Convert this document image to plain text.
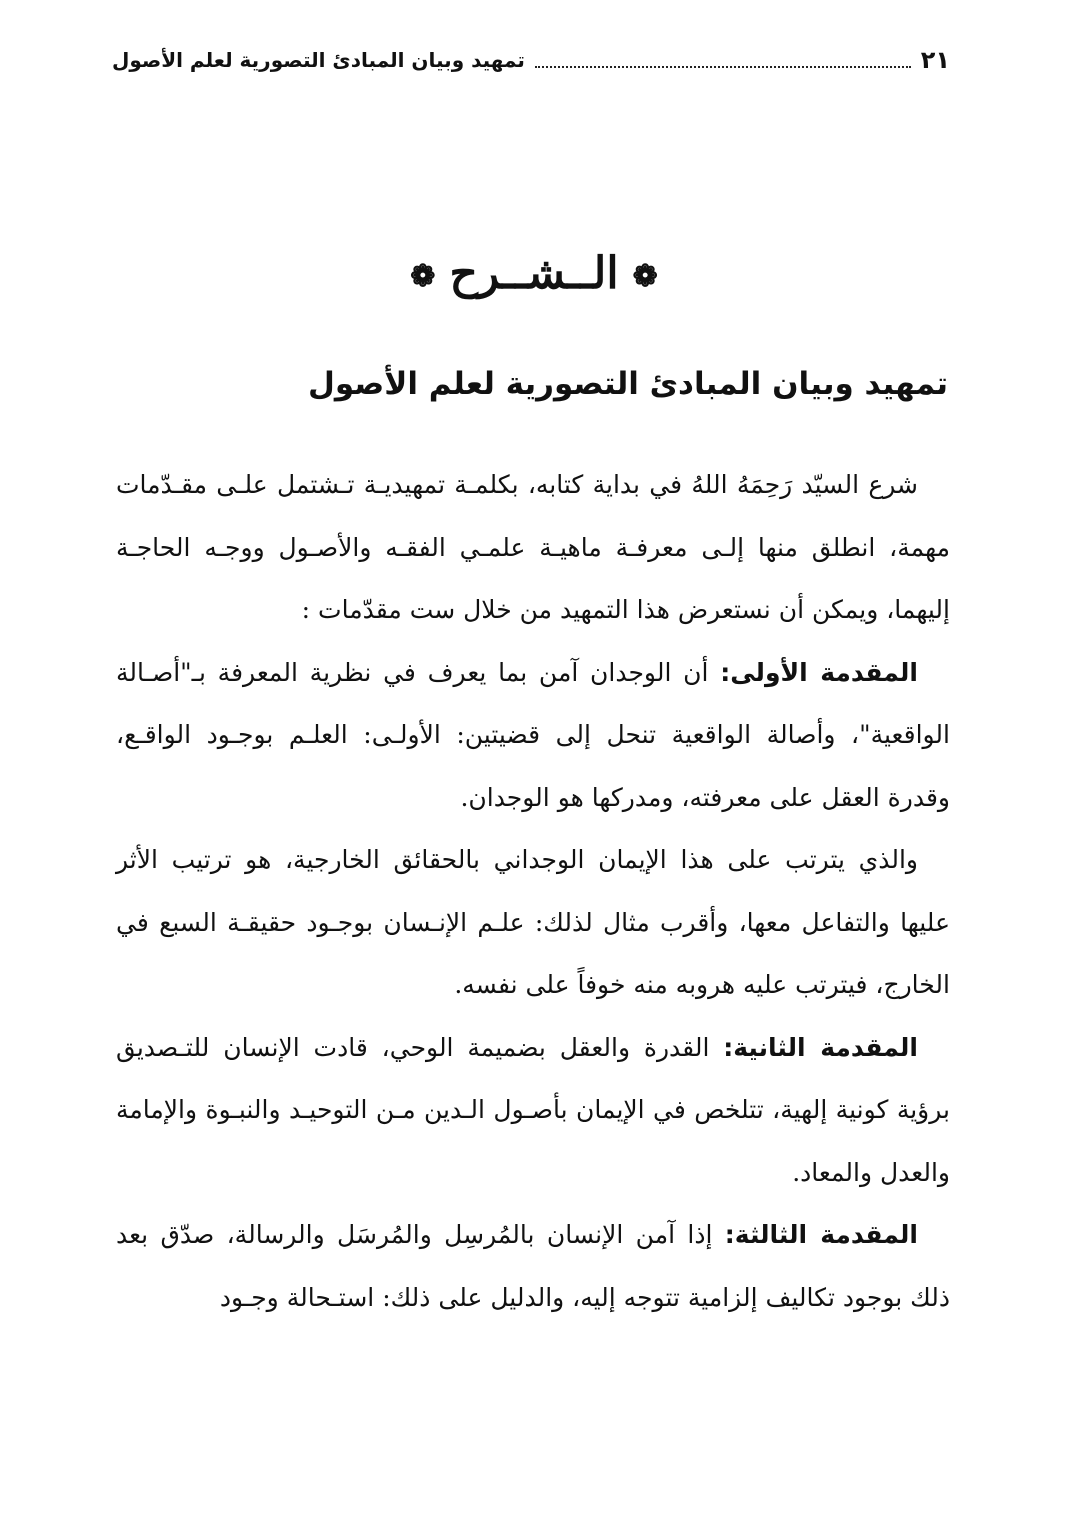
تمهيد وبيان المبادئ التصورية لعلم الأصول	٢١
❁الــشــرح❁
تمهيد وبيان المبادئ التصورية لعلم الأصول

شرع السيّد رَحِمَهُ اللهُ في بداية كتابه، بكلمـة تمهيديـة تـشتمل علـى مقـدّمات مهمة، انطلق منها إلـى معرفـة ماهيـة علمـي الفقـه والأصـول ووجـه الحاجـة إليهما، ويمكن أن نستعرض هذا التمهيد من خلال ست مقدّمات :

المقدمة الأولى: أن الوجدان آمن بما يعرف في نظرية المعرفة بـ"أصـالة الواقعية"، وأصالة الواقعية تنحل إلى قضيتين: الأولـى: العلـم بوجـود الواقـع، وقدرة العقل على معرفته، ومدركها هو الوجدان.

والذي يترتب على هذا الإيمان الوجداني بالحقائق الخارجية، هو ترتيب الأثر عليها والتفاعل معها، وأقرب مثال لذلك: علـم الإنـسان بوجـود حقيقـة السبع في الخارج، فيترتب عليه هروبه منه خوفاً على نفسه.

المقدمة الثانية: القدرة والعقل بضميمة الوحي، قادت الإنسان للتـصديق برؤية كونية إلهية، تتلخص في الإيمان بأصـول الـدين مـن التوحيـد والنبـوة والإمامة والعدل والمعاد.

المقدمة الثالثة: إذا آمن الإنسان بالمُرسِل والمُرسَل والرسالة، صدّق بعد ذلك بوجود تكاليف إلزامية تتوجه إليه، والدليل على ذلك: استـحالة وجـود
